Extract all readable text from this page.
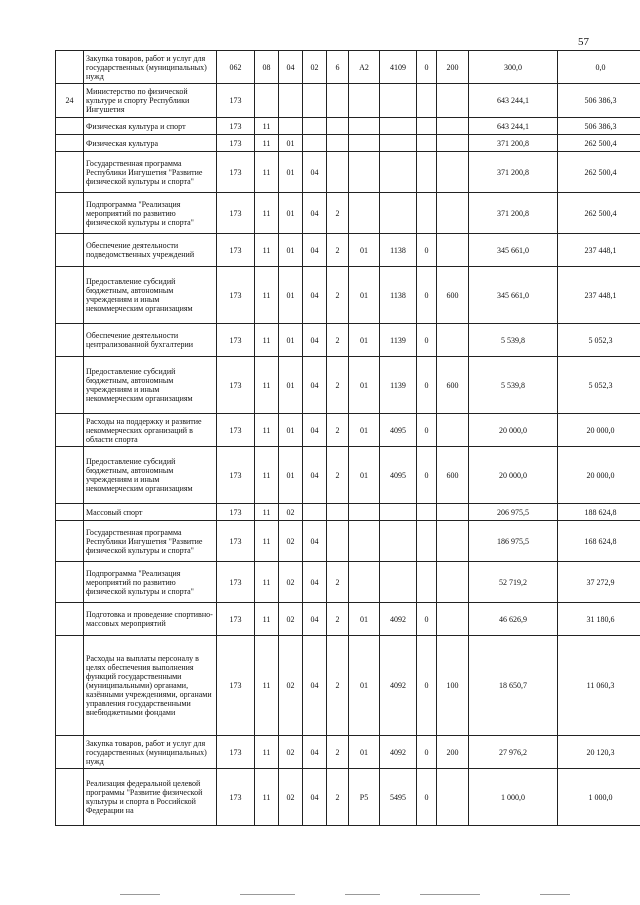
57
	Закупка товаров, работ и услуг для государственных (муниципальных) нужд	062	08	04	02	6	А2	4109	0	200	300,0	0,0
24	Министерство по физической культуре и спорту Республики Ингушетия	173									643 244,1	506 386,3
	Физическая культура и спорт	173	11								643 244,1	506 386,3
	Физическая культура	173	11	01							371 200,8	262 500,4
	Государственная программа Республики Ингушетия "Развитие физической культуры и спорта"	173	11	01	04						371 200,8	262 500,4
	Подпрограмма "Реализация мероприятий по развитию физической культуры и спорта"	173	11	01	04	2					371 200,8	262 500,4
	Обеспечение деятельности подведомственных учреждений	173	11	01	04	2	01	1138	0		345 661,0	237 448,1
	Предоставление субсидий бюджетным, автономным учреждениям и иным некоммерческим организациям	173	11	01	04	2	01	1138	0	600	345 661,0	237 448,1
	Обеспечение деятельности централизованной бухгалтерии	173	11	01	04	2	01	1139	0		5 539,8	5 052,3
	Предоставление субсидий бюджетным, автономным учреждениям и иным некоммерческим организациям	173	11	01	04	2	01	1139	0	600	5 539,8	5 052,3
	Расходы на поддержку и развитие некоммерческих организаций в области спорта	173	11	01	04	2	01	4095	0		20 000,0	20 000,0
	Предоставление субсидий бюджетным, автономным учреждениям и иным некоммерческим организациям	173	11	01	04	2	01	4095	0	600	20 000,0	20 000,0
	Массовый спорт	173	11	02							206 975,5	188 624,8
	Государственная программа Республики Ингушетия "Развитие физической культуры и спорта"	173	11	02	04						186 975,5	168 624,8
	Подпрограмма "Реализация мероприятий по развитию физической культуры и спорта"	173	11	02	04	2					52 719,2	37 272,9
	Подготовка и проведение спортивно-массовых мероприятий	173	11	02	04	2	01	4092	0		46 626,9	31 180,6
	Расходы на выплаты персоналу в целях обеспечения выполнения функций государственными (муниципальными) органами, казёнными учреждениями, органами управления государственными внебюджетными фондами	173	11	02	04	2	01	4092	0	100	18 650,7	11 060,3
	Закупка товаров, работ и услуг для государственных (муниципальных) нужд	173	11	02	04	2	01	4092	0	200	27 976,2	20 120,3
	Реализация федеральной целевой программы "Развитие физической культуры и спорта в Российской Федерации на	173	11	02	04	2	Р5	5495	0		1 000,0	1 000,0
